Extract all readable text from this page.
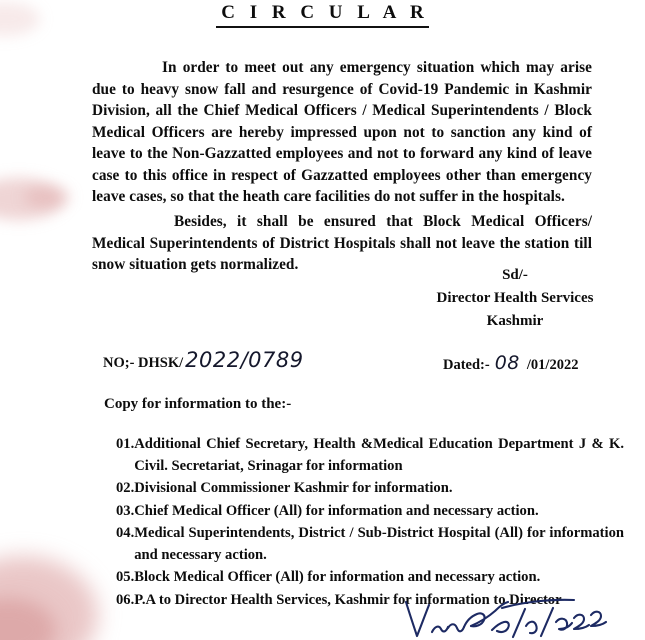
C I R C U L A R

In order to meet out any emergency situation which may arise due to heavy snow fall and resurgence of Covid-19 Pandemic in Kashmir Division, all the Chief Medical Officers / Medical Superintendents / Block Medical Officers are hereby impressed upon not to sanction any kind of leave to the Non-Gazzatted employees and not to forward any kind of leave case to this office in respect of Gazzatted employees other than emergency leave cases, so that the heath care facilities do not suffer in the hospitals.

Besides, it shall be ensured that Block Medical Officers/ Medical Superintendents of District Hospitals shall not leave the station till snow situation gets normalized.

Sd/-
Director Health Services
Kashmir
NO;- DHSK/ 2022/0789	Dated:- 08 /01/2022
Copy for information to the:-
01. Additional Chief Secretary, Health &Medical Education Department J & K. Civil. Secretariat, Srinagar for information
02. Divisional Commissioner Kashmir for information.
03. Chief Medical Officer (All) for information and necessary action.
04. Medical Superintendents, District / Sub-District Hospital (All) for information and necessary action.
05. Block Medical Officer (All) for information and necessary action.
06. P.A to Director Health Services, Kashmir for information to Director
